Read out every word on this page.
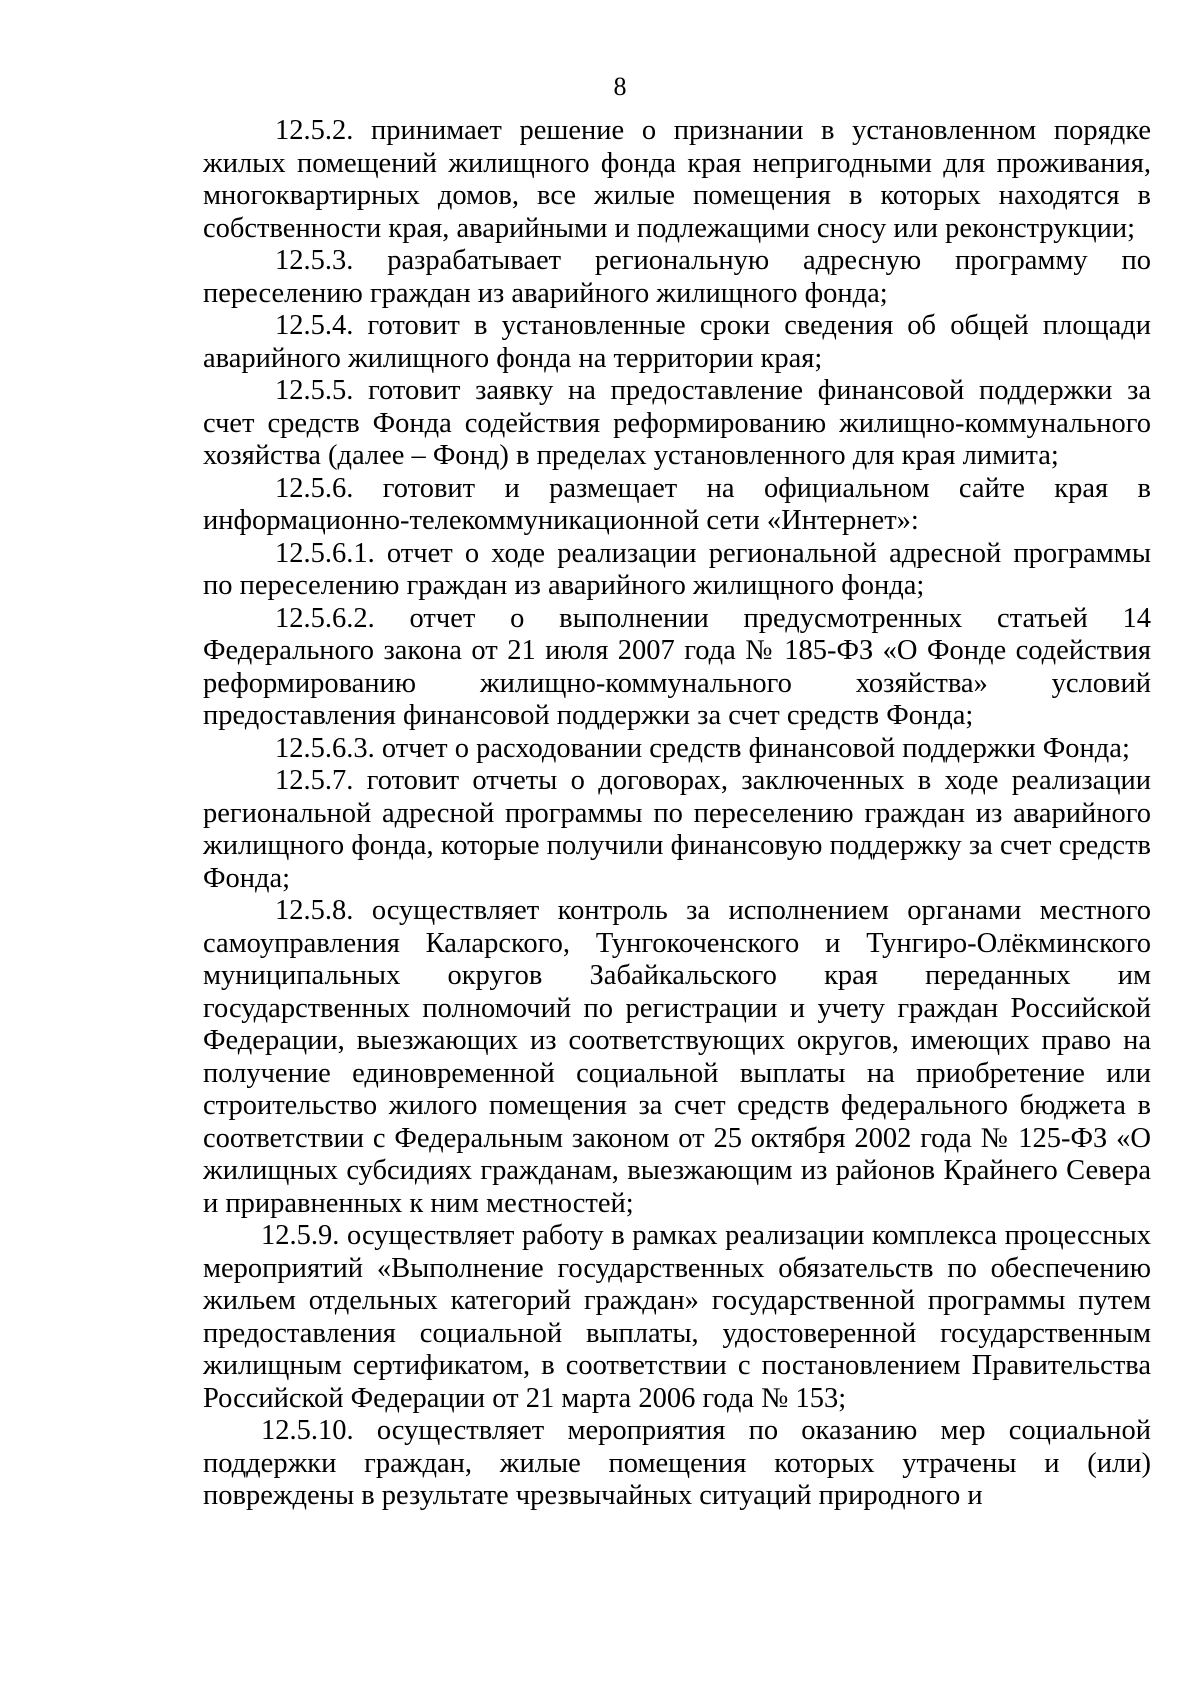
8

12.5.2. принимает решение о признании в установленном порядке жилых помещений жилищного фонда края непригодными для проживания, многоквартирных домов, все жилые помещения в которых находятся в собственности края, аварийными и подлежащими сносу или реконструкции;

12.5.3. разрабатывает региональную адресную программу по переселению граждан из аварийного жилищного фонда;

12.5.4. готовит в установленные сроки сведения об общей площади аварийного жилищного фонда на территории края;

12.5.5. готовит заявку на предоставление финансовой поддержки за счет средств Фонда содействия реформированию жилищно-коммунального хозяйства (далее – Фонд) в пределах установленного для края лимита;

12.5.6. готовит и размещает на официальном сайте края в информационно-телекоммуникационной сети «Интернет»:

12.5.6.1. отчет о ходе реализации региональной адресной программы по переселению граждан из аварийного жилищного фонда;

12.5.6.2. отчет о выполнении предусмотренных статьей 14 Федерального закона от 21 июля 2007 года № 185-ФЗ «О Фонде содействия реформированию жилищно-коммунального хозяйства» условий предоставления финансовой поддержки за счет средств Фонда;

12.5.6.3. отчет о расходовании средств финансовой поддержки Фонда;

12.5.7. готовит отчеты о договорах, заключенных в ходе реализации региональной адресной программы по переселению граждан из аварийного жилищного фонда, которые получили финансовую поддержку за счет средств Фонда;

12.5.8. осуществляет контроль за исполнением органами местного самоуправления Каларского, Тунгокоченского и Тунгиро-Олёкминского муниципальных округов Забайкальского края переданных им государственных полномочий по регистрации и учету граждан Российской Федерации, выезжающих из соответствующих округов, имеющих право на получение единовременной социальной выплаты на приобретение или строительство жилого помещения за счет средств федерального бюджета в соответствии с Федеральным законом от 25 октября 2002 года № 125-ФЗ «О жилищных субсидиях гражданам, выезжающим из районов Крайнего Севера и приравненных к ним местностей;

12.5.9. осуществляет работу в рамках реализации комплекса процессных мероприятий «Выполнение государственных обязательств по обеспечению жильем отдельных категорий граждан» государственной программы путем предоставления социальной выплаты, удостоверенной государственным жилищным сертификатом, в соответствии с постановлением Правительства Российской Федерации от 21 марта 2006 года № 153;

12.5.10. осуществляет мероприятия по оказанию мер социальной поддержки граждан, жилые помещения которых утрачены и (или) повреждены в результате чрезвычайных ситуаций природного и
